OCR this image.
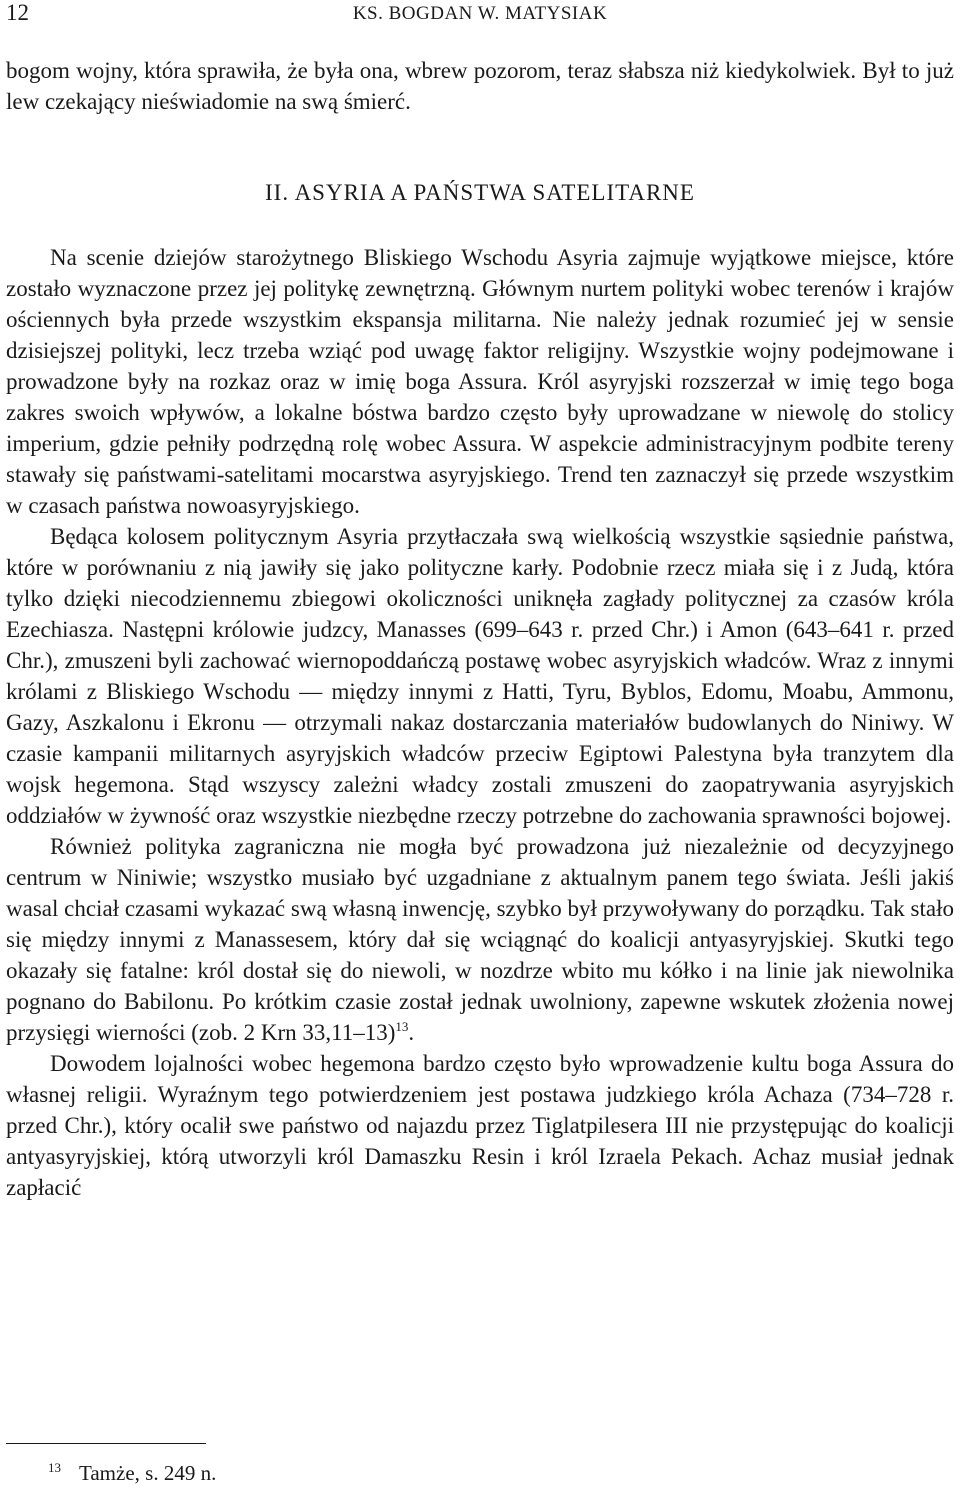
12	KS. BOGDAN W. MATYSIAK

bogom wojny, która sprawiła, że była ona, wbrew pozorom, teraz słabsza niż kiedykolwiek. Był to już lew czekający nieświadomie na swą śmierć.

II. ASYRIA A PAŃSTWA SATELITARNE

Na scenie dziejów starożytnego Bliskiego Wschodu Asyria zajmuje wyjątkowe miejsce, które zostało wyznaczone przez jej politykę zewnętrzną. Głównym nurtem polityki wobec terenów i krajów ościennych była przede wszystkim ekspansja militarna. Nie należy jednak rozumieć jej w sensie dzisiejszej polityki, lecz trzeba wziąć pod uwagę faktor religijny. Wszystkie wojny podejmowane i prowadzone były na rozkaz oraz w imię boga Assura. Król asyryjski rozszerzał w imię tego boga zakres swoich wpływów, a lokalne bóstwa bardzo często były uprowadzane w niewolę do stolicy imperium, gdzie pełniły podrzędną rolę wobec Assura. W aspekcie administracyjnym podbite tereny stawały się państwami-satelitami mocarstwa asyryjskiego. Trend ten zaznaczył się przede wszystkim w czasach państwa nowoasyryjskiego.

Będąca kolosem politycznym Asyria przytłaczała swą wielkością wszystkie sąsiednie państwa, które w porównaniu z nią jawiły się jako polityczne karły. Podobnie rzecz miała się i z Judą, która tylko dzięki niecodziennemu zbiegowi okoliczności uniknęła zagłady politycznej za czasów króla Ezechiasza. Następni królowie judzcy, Manasses (699–643 r. przed Chr.) i Amon (643–641 r. przed Chr.), zmuszeni byli zachować wiernopoddańczą postawę wobec asyryjskich władców. Wraz z innymi królami z Bliskiego Wschodu — między innymi z Hatti, Tyru, Byblos, Edomu, Moabu, Ammonu, Gazy, Aszkalonu i Ekronu — otrzymali nakaz dostarczania materiałów budowlanych do Niniwy. W czasie kampanii militarnych asyryjskich władców przeciw Egiptowi Palestyna była tranzytem dla wojsk hegemona. Stąd wszyscy zależni władcy zostali zmuszeni do zaopatrywania asyryjskich oddziałów w żywność oraz wszystkie niezbędne rzeczy potrzebne do zachowania sprawności bojowej.

Również polityka zagraniczna nie mogła być prowadzona już niezależnie od decyzyjnego centrum w Niniwie; wszystko musiało być uzgadniane z aktualnym panem tego świata. Jeśli jakiś wasal chciał czasami wykazać swą własną inwencję, szybko był przywoływany do porządku. Tak stało się między innymi z Manassesem, który dał się wciągnąć do koalicji antyasyryjskiej. Skutki tego okazały się fatalne: król dostał się do niewoli, w nozdrze wbito mu kółko i na linie jak niewolnika pognano do Babilonu. Po krótkim czasie został jednak uwolniony, zapewne wskutek złożenia nowej przysięgi wierności (zob. 2 Krn 33,11–13)$^{13}$.

Dowodem lojalności wobec hegemona bardzo często było wprowadzenie kultu boga Assura do własnej religii. Wyraźnym tego potwierdzeniem jest postawa judzkiego króla Achaza (734–728 r. przed Chr.), który ocalił swe państwo od najazdu przez Tiglatpilesera III nie przystępując do koalicji antyasyryjskiej, którą utworzyli król Damaszku Resin i król Izraela Pekach. Achaz musiał jednak zapłacić

$^{13}$ Tamże, s. 249 n.
